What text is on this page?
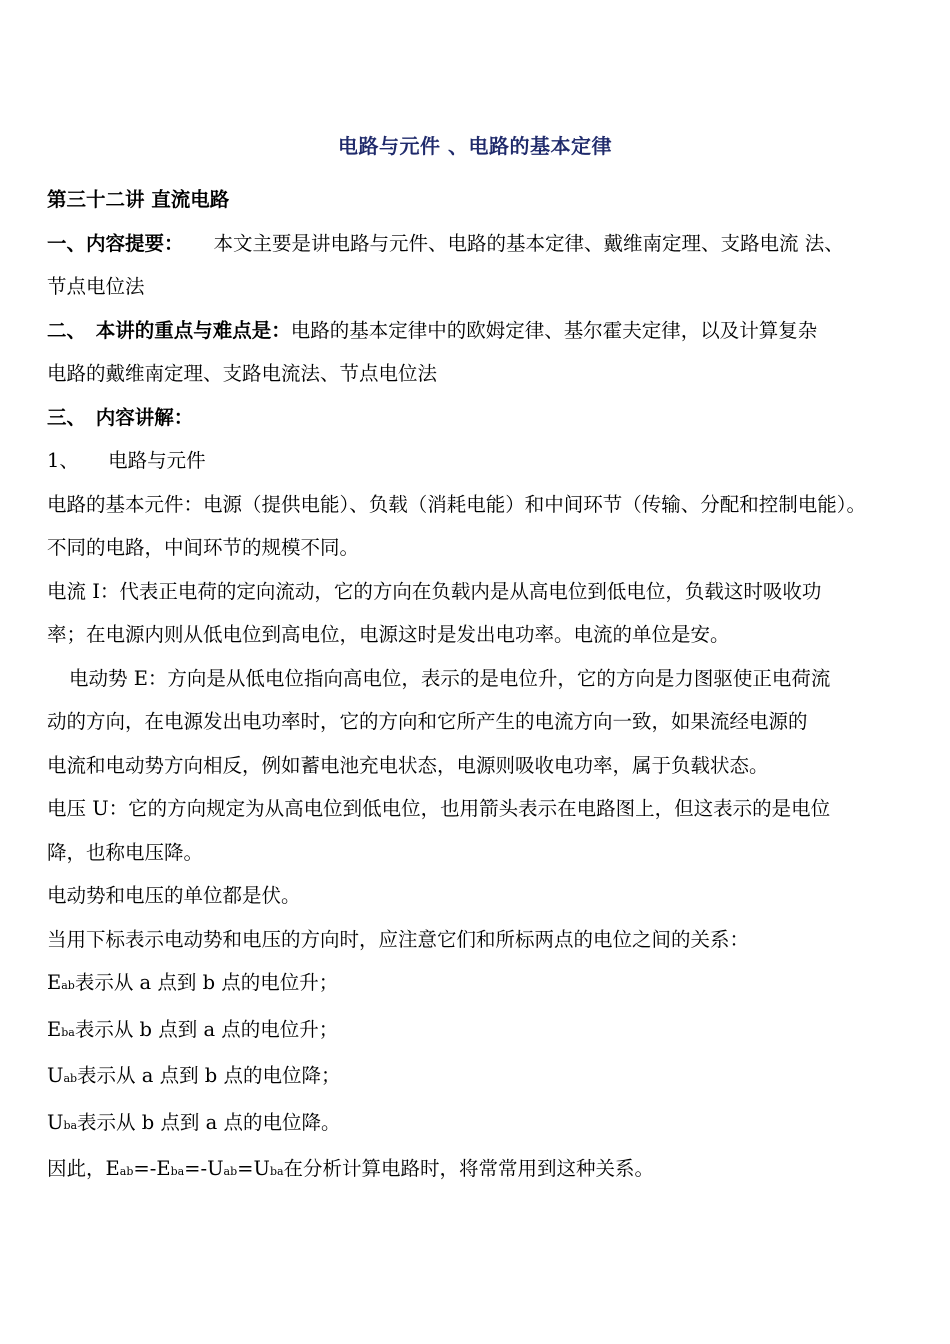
电路与元件 、电路的基本定律
第三十二讲 直流电路
一、内容提要： 本文主要是讲电路与元件、电路的基本定律、戴维南定理、支路电流 法、
节点电位法
二、　本讲的重点与难点是：电路的基本定律中的欧姆定律、基尔霍夫定律，以及计算复杂
电路的戴维南定理、支路电流法、节点电位法
三、　内容讲解：
1、　　电路与元件
电路的基本元件：电源（提供电能）、负载（消耗电能）和中间环节（传输、分配和控制电能）。
不同的电路，中间环节的规模不同。
电流 I：代表正电荷的定向流动，它的方向在负载内是从高电位到低电位，负载这时吸收功
率；在电源内则从低电位到高电位，电源这时是发出电功率。电流的单位是安。
电动势 E：方向是从低电位指向高电位，表示的是电位升，它的方向是力图驱使正电荷流
动的方向，在电源发出电功率时，它的方向和它所产生的电流方向一致，如果流经电源的
电流和电动势方向相反，例如蓄电池充电状态，电源则吸收电功率，属于负载状态。
电压 U：它的方向规定为从高电位到低电位，也用箭头表示在电路图上，但这表示的是电位
降，也称电压降。
电动势和电压的单位都是伏。
当用下标表示电动势和电压的方向时，应注意它们和所标两点的电位之间的关系：
Eab表示从 a 点到 b 点的电位升；
Eba表示从 b 点到 a 点的电位升；
Uab表示从 a 点到 b 点的电位降；
Uba表示从 b 点到 a 点的电位降。
因此，Eab=-Eba=-Uab=Uba在分析计算电路时，将常常用到这种关系。
